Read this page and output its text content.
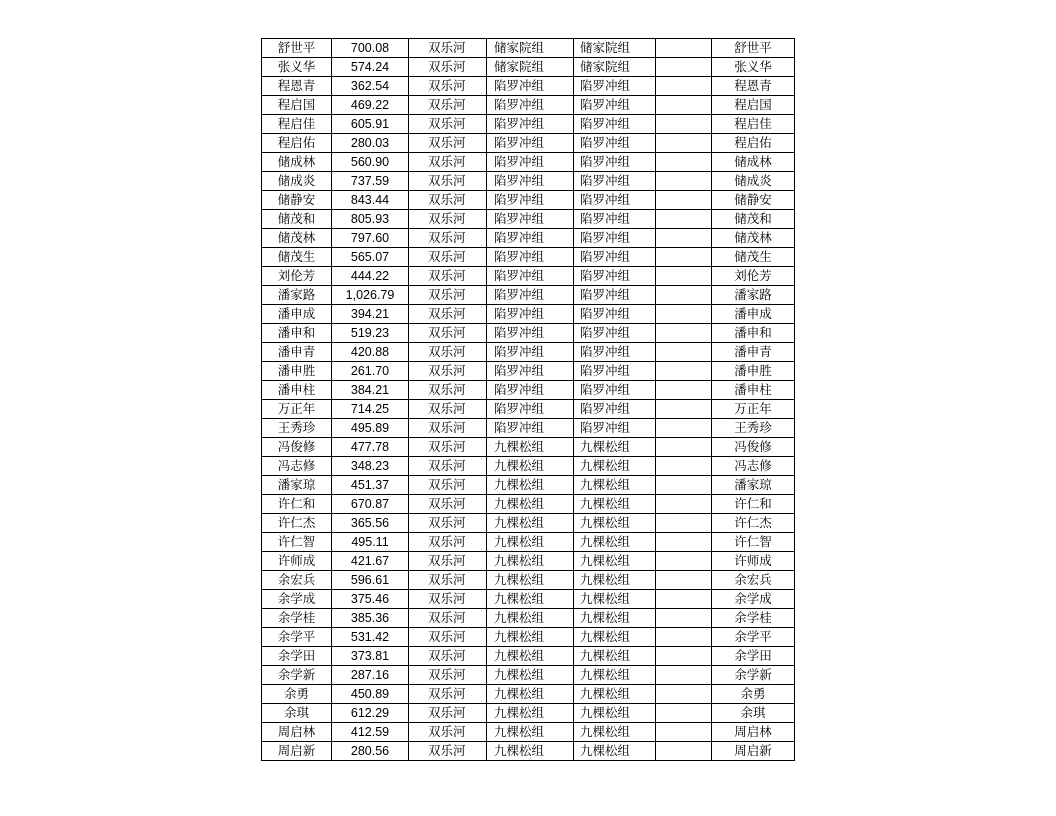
舒世平	700.08	双乐河	储家院组	储家院组		舒世平
张义华	574.24	双乐河	储家院组	储家院组		张义华
程恩青	362.54	双乐河	陷罗冲组	陷罗冲组		程恩青
程启国	469.22	双乐河	陷罗冲组	陷罗冲组		程启国
程启佳	605.91	双乐河	陷罗冲组	陷罗冲组		程启佳
程启佑	280.03	双乐河	陷罗冲组	陷罗冲组		程启佑
储成林	560.90	双乐河	陷罗冲组	陷罗冲组		储成林
储成炎	737.59	双乐河	陷罗冲组	陷罗冲组		储成炎
储静安	843.44	双乐河	陷罗冲组	陷罗冲组		储静安
储茂和	805.93	双乐河	陷罗冲组	陷罗冲组		储茂和
储茂林	797.60	双乐河	陷罗冲组	陷罗冲组		储茂林
储茂生	565.07	双乐河	陷罗冲组	陷罗冲组		储茂生
刘伦芳	444.22	双乐河	陷罗冲组	陷罗冲组		刘伦芳
潘家路	1,026.79	双乐河	陷罗冲组	陷罗冲组		潘家路
潘申成	394.21	双乐河	陷罗冲组	陷罗冲组		潘申成
潘申和	519.23	双乐河	陷罗冲组	陷罗冲组		潘申和
潘申青	420.88	双乐河	陷罗冲组	陷罗冲组		潘申青
潘申胜	261.70	双乐河	陷罗冲组	陷罗冲组		潘申胜
潘申柱	384.21	双乐河	陷罗冲组	陷罗冲组		潘申柱
万正年	714.25	双乐河	陷罗冲组	陷罗冲组		万正年
王秀珍	495.89	双乐河	陷罗冲组	陷罗冲组		王秀珍
冯俊修	477.78	双乐河	九棵松组	九棵松组		冯俊修
冯志修	348.23	双乐河	九棵松组	九棵松组		冯志修
潘家琼	451.37	双乐河	九棵松组	九棵松组		潘家琼
许仁和	670.87	双乐河	九棵松组	九棵松组		许仁和
许仁杰	365.56	双乐河	九棵松组	九棵松组		许仁杰
许仁智	495.11	双乐河	九棵松组	九棵松组		许仁智
许师成	421.67	双乐河	九棵松组	九棵松组		许师成
余宏兵	596.61	双乐河	九棵松组	九棵松组		余宏兵
余学成	375.46	双乐河	九棵松组	九棵松组		余学成
余学桂	385.36	双乐河	九棵松组	九棵松组		余学桂
余学平	531.42	双乐河	九棵松组	九棵松组		余学平
余学田	373.81	双乐河	九棵松组	九棵松组		余学田
余学新	287.16	双乐河	九棵松组	九棵松组		余学新
余勇	450.89	双乐河	九棵松组	九棵松组		余勇
余琪	612.29	双乐河	九棵松组	九棵松组		余琪
周启林	412.59	双乐河	九棵松组	九棵松组		周启林
周启新	280.56	双乐河	九棵松组	九棵松组		周启新
